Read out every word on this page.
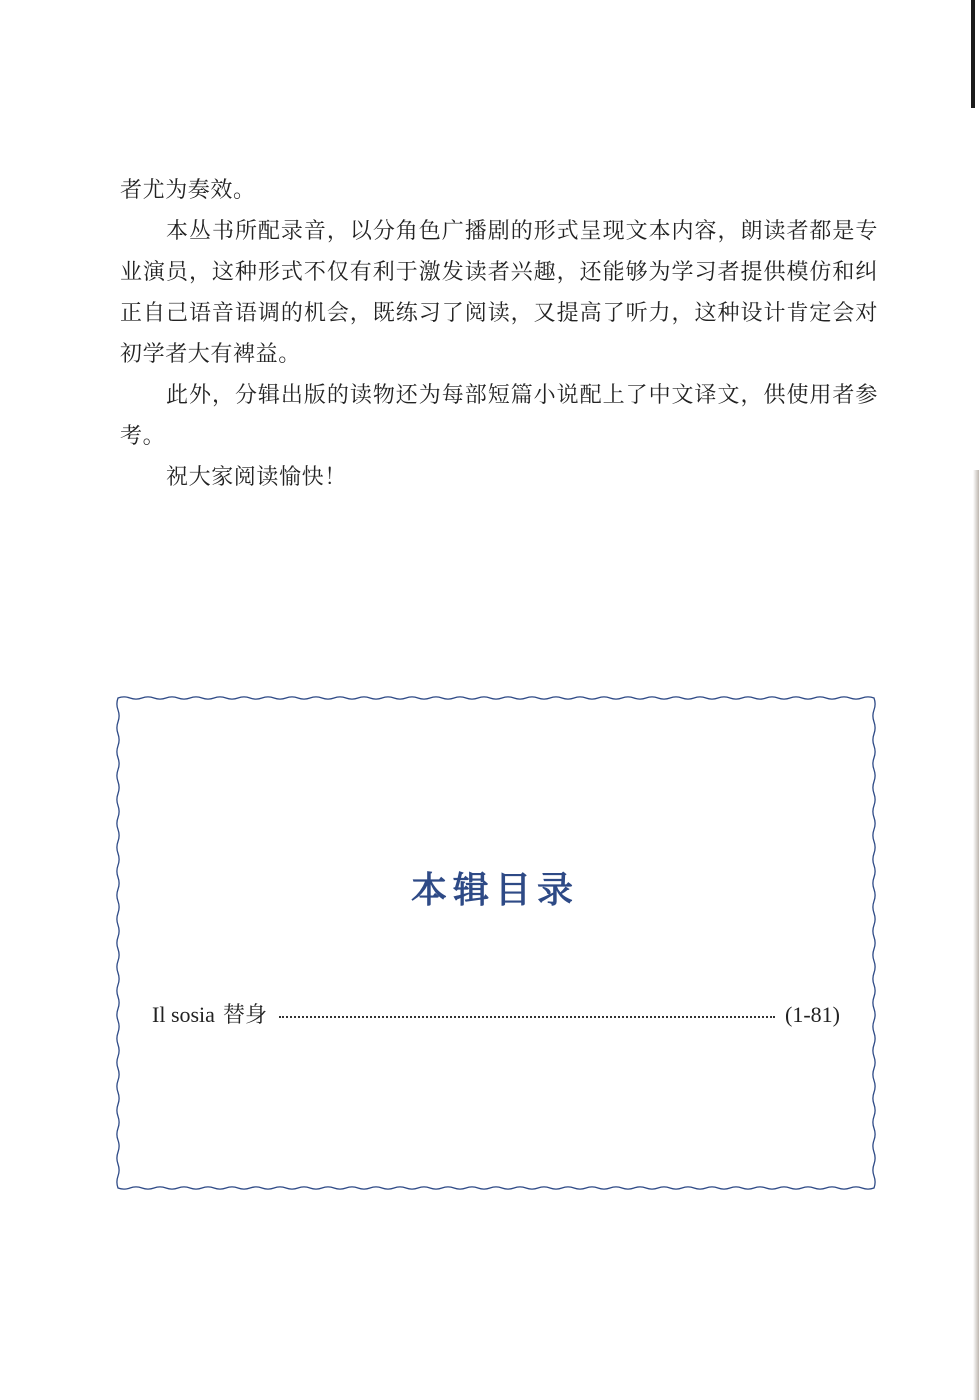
者尤为奏效。

本丛书所配录音，以分角色广播剧的形式呈现文本内容，朗读者都是专业演员，这种形式不仅有利于激发读者兴趣，还能够为学习者提供模仿和纠正自己语音语调的机会，既练习了阅读，又提高了听力，这种设计肯定会对初学者大有裨益。

此外，分辑出版的读物还为每部短篇小说配上了中文译文，供使用者参考。

祝大家阅读愉快！

本辑目录
Il sosia 替身	(1-81)
